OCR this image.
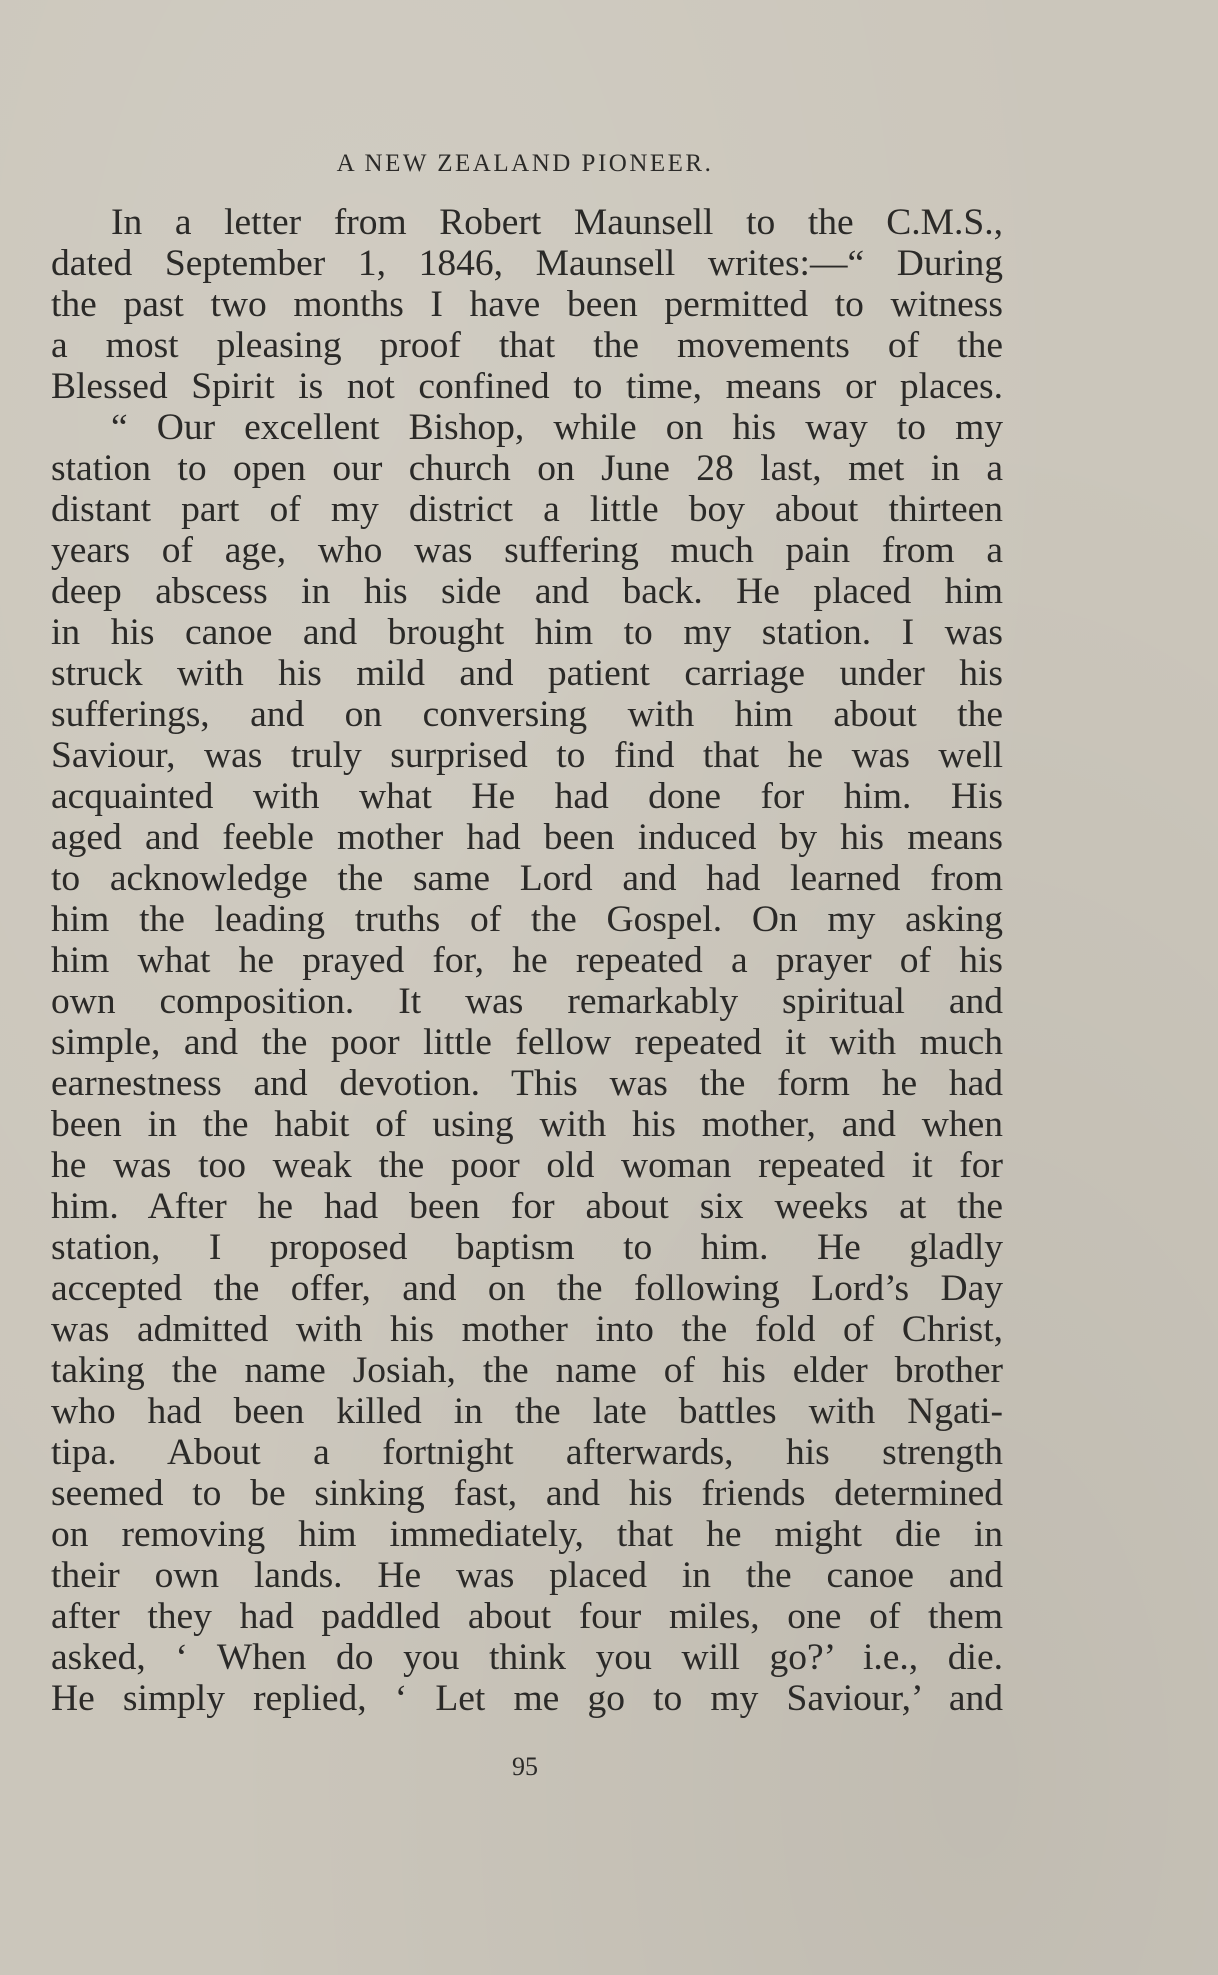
A NEW ZEALAND PIONEER.
In a letter from Robert Maunsell to the C.M.S.,
dated September 1, 1846, Maunsell writes:—“ During
the past two months I have been permitted to witness
a most pleasing proof that the movements of the
Blessed Spirit is not confined to time, means or places.
“ Our excellent Bishop, while on his way to my
station to open our church on June 28 last, met in a
distant part of my district a little boy about thirteen
years of age, who was suffering much pain from a
deep abscess in his side and back. He placed him
in his canoe and brought him to my station. I was
struck with his mild and patient carriage under his
sufferings, and on conversing with him about the
Saviour, was truly surprised to find that he was well
acquainted with what He had done for him. His
aged and feeble mother had been induced by his means
to acknowledge the same Lord and had learned from
him the leading truths of the Gospel. On my asking
him what he prayed for, he repeated a prayer of his
own composition. It was remarkably spiritual and
simple, and the poor little fellow repeated it with much
earnestness and devotion. This was the form he had
been in the habit of using with his mother, and when
he was too weak the poor old woman repeated it for
him. After he had been for about six weeks at the
station, I proposed baptism to him. He gladly
accepted the offer, and on the following Lord’s Day
was admitted with his mother into the fold of Christ,
taking the name Josiah, the name of his elder brother
who had been killed in the late battles with Ngati-
tipa. About a fortnight afterwards, his strength
seemed to be sinking fast, and his friends determined
on removing him immediately, that he might die in
their own lands. He was placed in the canoe and
after they had paddled about four miles, one of them
asked, ‘ When do you think you will go?’ i.e., die.
He simply replied, ‘ Let me go to my Saviour,’ and
95
